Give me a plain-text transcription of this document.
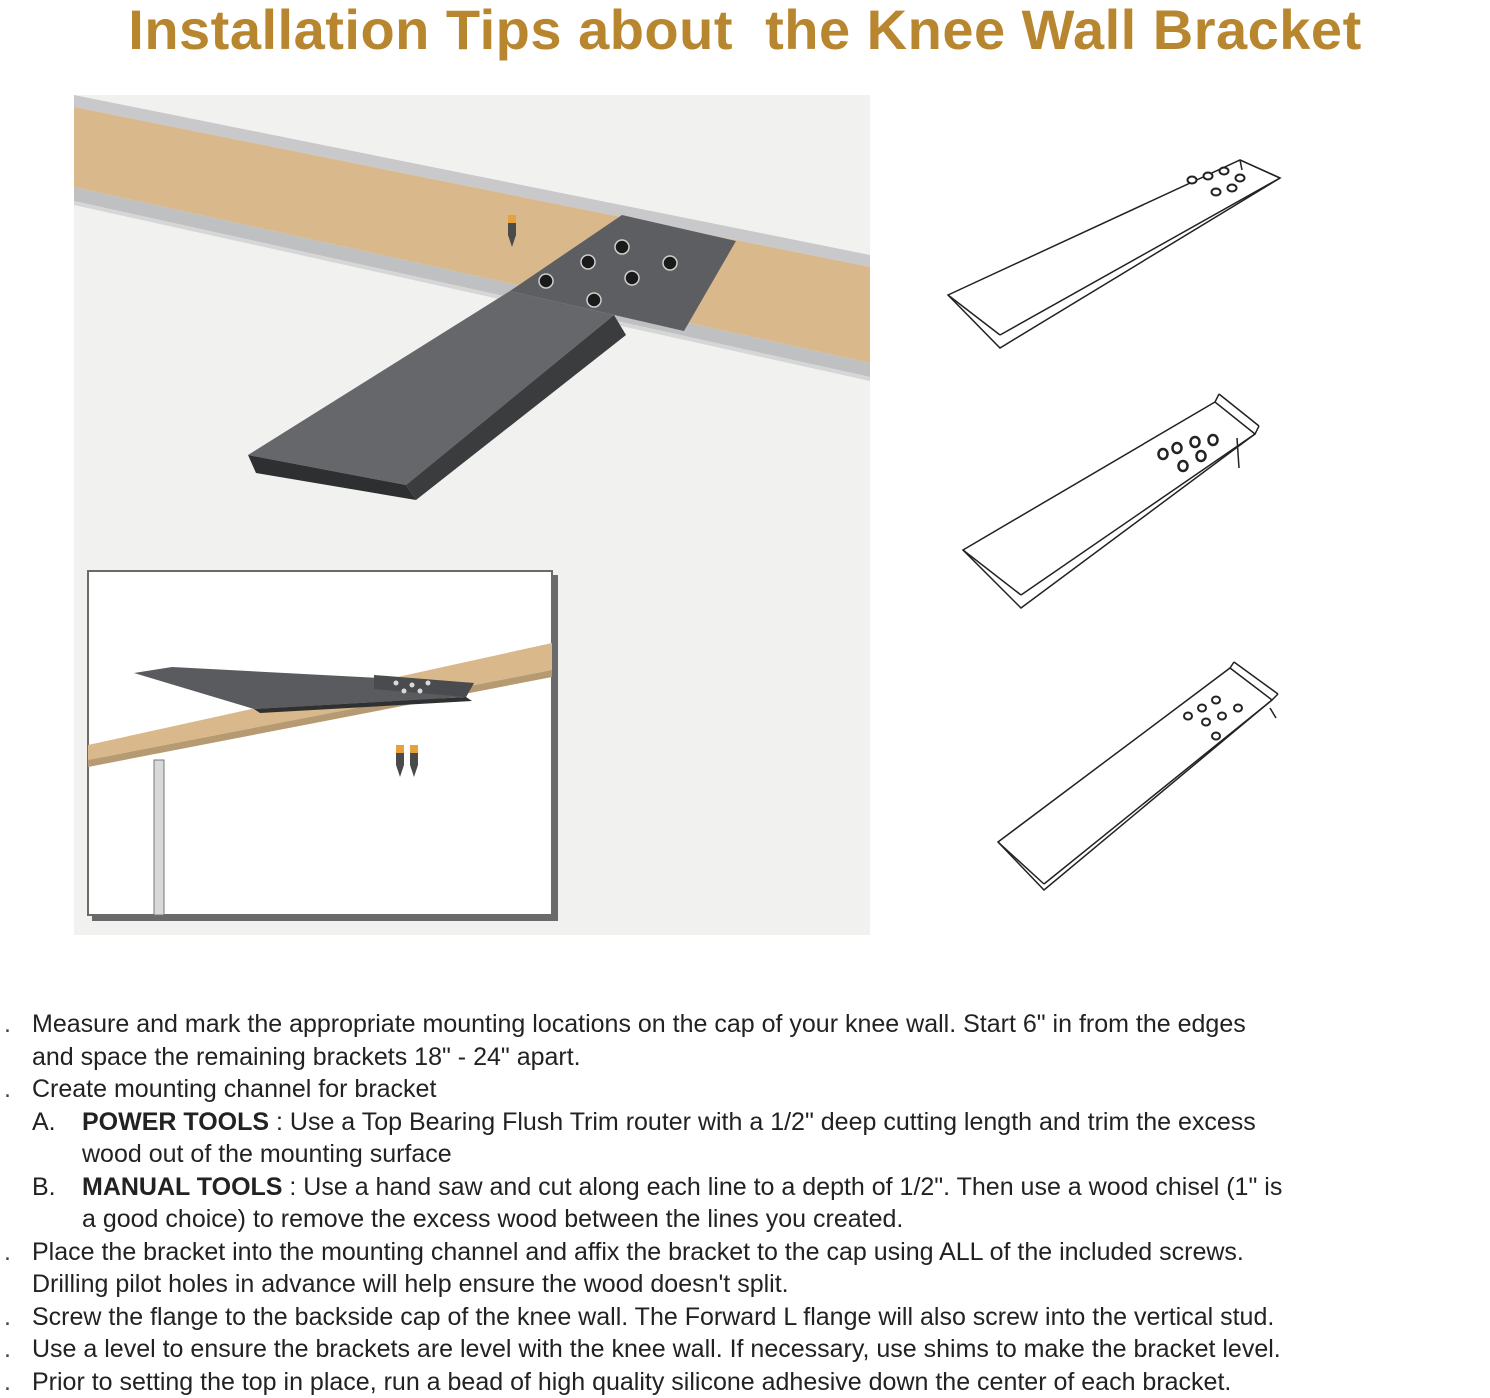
Installation Tips about  the Knee Wall Bracket
. Measure and mark the appropriate mounting locations on the cap of your knee wall. Start 6" in from the edges
and space the remaining brackets 18" - 24" apart.
. Create mounting channel for bracket
A. POWER TOOLS : Use a Top Bearing Flush Trim router with a 1/2" deep cutting length and trim the excess
wood out of the mounting surface
B. MANUAL TOOLS : Use a hand saw and cut along each line to a depth of 1/2". Then use a wood chisel (1" is
a good choice) to remove the excess wood between the lines you created.
. Place the bracket into the mounting channel and affix the bracket to the cap using ALL of the included screws.
Drilling pilot holes in advance will help ensure the wood doesn't split.
. Screw the flange to the backside cap of the knee wall. The Forward L flange will also screw into the vertical stud.
. Use a level to ensure the brackets are level with the knee wall. If necessary, use shims to make the bracket level.
. Prior to setting the top in place, run a bead of high quality silicone adhesive down the center of each bracket.
